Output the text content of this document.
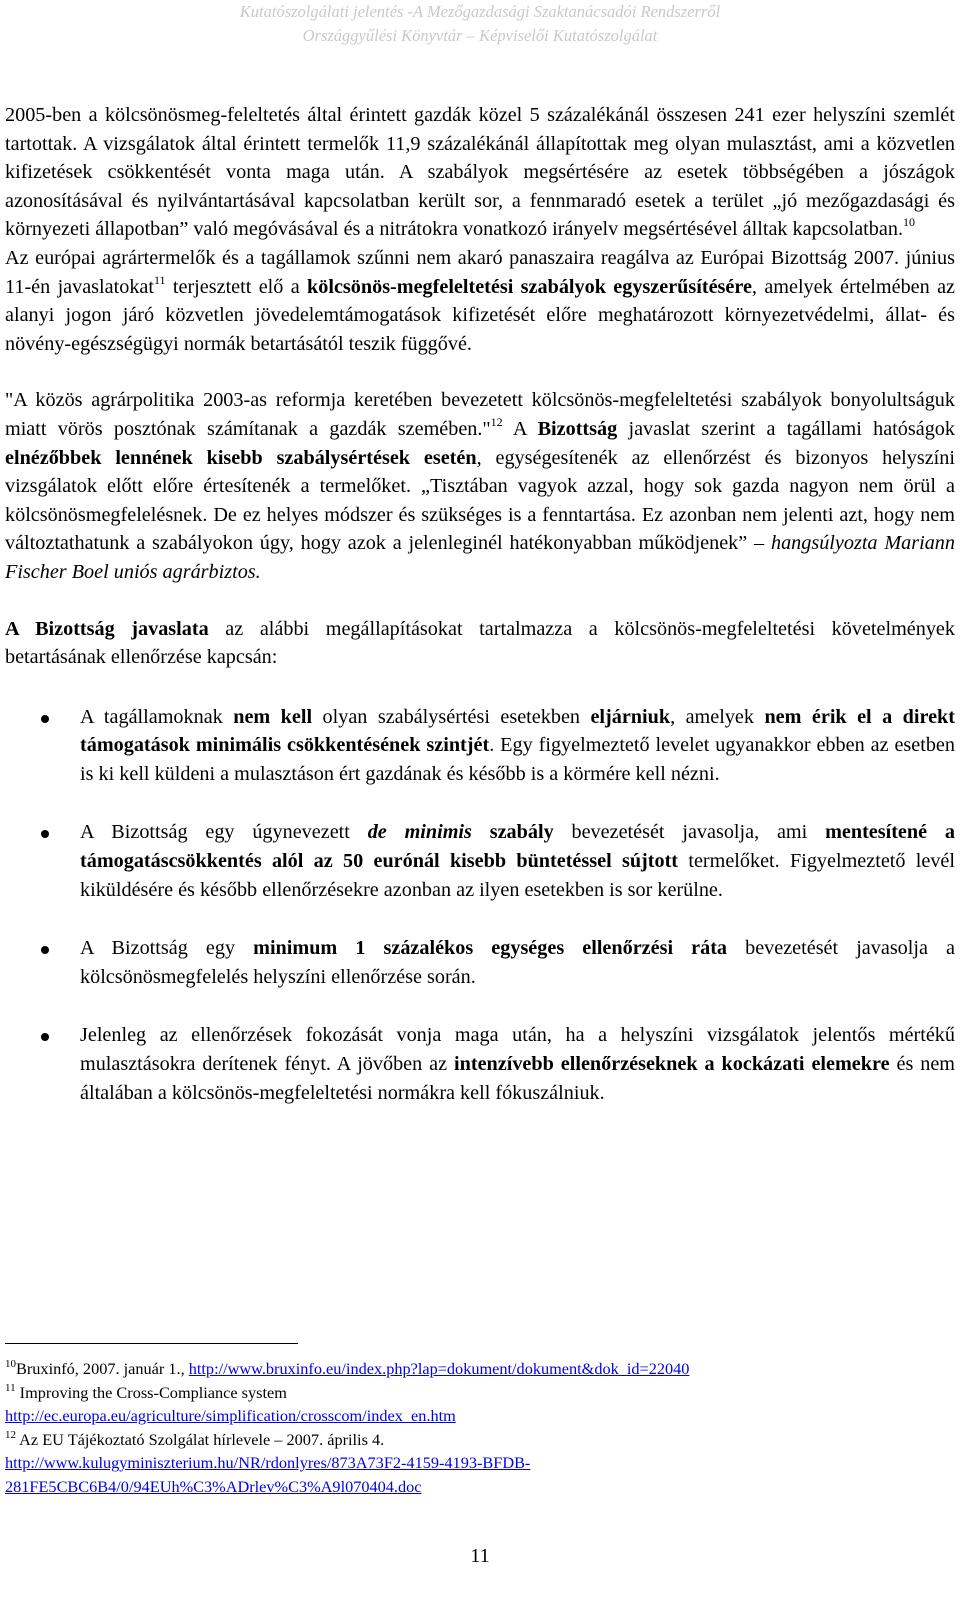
Kutatószolgálati jelentés -A Mezőgazdasági Szaktanácsadói Rendszerről
Országgyűlési Könyvtár – Képviselői Kutatószolgálat

2005-ben a kölcsönösmeg-feleltetés által érintett gazdák közel 5 százalékánál összesen 241 ezer helyszíni szemlét tartottak. A vizsgálatok által érintett termelők 11,9 százalékánál állapítottak meg olyan mulasztást, ami a közvetlen kifizetések csökkentését vonta maga után. A szabályok megsértésére az esetek többségében a jószágok azonosításával és nyilvántartásával kapcsolatban került sor, a fennmaradó esetek a terület „jó mezőgazdasági és környezeti állapotban” való megóvásával és a nitrátokra vonatkozó irányelv megsértésével álltak kapcsolatban.$^{10}$

Az európai agrártermelők és a tagállamok szűnni nem akaró panaszaira reagálva az Európai Bizottság 2007. június 11-én javaslatokat$^{11}$ terjesztett elő a kölcsönös-megfeleltetési szabályok egyszerűsítésére, amelyek értelmében az alanyi jogon járó közvetlen jövedelemtámogatások kifizetését előre meghatározott környezetvédelmi, állat- és növény-egészségügyi normák betartásától teszik függővé.

"A közös agrárpolitika 2003-as reformja keretében bevezetett kölcsönös-megfeleltetési szabályok bonyolultságuk miatt vörös posztónak számítanak a gazdák szemében."$^{12}$ A Bizottság javaslat szerint a tagállami hatóságok elnézőbbek lennének kisebb szabálysértések esetén, egységesítenék az ellenőrzést és bizonyos helyszíni vizsgálatok előtt előre értesítenék a termelőket. „Tisztában vagyok azzal, hogy sok gazda nagyon nem örül a kölcsönösmegfelelésnek. De ez helyes módszer és szükséges is a fenntartása. Ez azonban nem jelenti azt, hogy nem változtathatunk a szabályokon úgy, hogy azok a jelenleginél hatékonyabban működjenek” – hangsúlyozta Mariann Fischer Boel uniós agrárbiztos.

A Bizottság javaslata az alábbi megállapításokat tartalmazza a kölcsönös-megfeleltetési követelmények betartásának ellenőrzése kapcsán:

A tagállamoknak nem kell olyan szabálysértési esetekben eljárniuk, amelyek nem érik el a direkt támogatások minimális csökkentésének szintjét. Egy figyelmeztető levelet ugyanakkor ebben az esetben is ki kell küldeni a mulasztáson ért gazdának és később is a körmére kell nézni.
A Bizottság egy úgynevezett de minimis szabály bevezetését javasolja, ami mentesítené a támogatáscsökkentés alól az 50 eurónál kisebb büntetéssel sújtott termelőket. Figyelmeztető levél kiküldésére és később ellenőrzésekre azonban az ilyen esetekben is sor kerülne.
A Bizottság egy minimum 1 százalékos egységes ellenőrzési ráta bevezetését javasolja a kölcsönösmegfelelés helyszíni ellenőrzése során.
Jelenleg az ellenőrzések fokozását vonja maga után, ha a helyszíni vizsgálatok jelentős mértékű mulasztásokra derítenek fényt. A jövőben az intenzívebb ellenőrzéseknek a kockázati elemekre és nem általában a kölcsönös-megfeleltetési normákra kell fókuszálniuk.
$^{10}$Bruxinfó, 2007. január 1., http://www.bruxinfo.eu/index.php?lap=dokument/dokument&dok_id=22040
$^{11}$ Improving the Cross-Compliance system
http://ec.europa.eu/agriculture/simplification/crosscom/index_en.htm
$^{12}$ Az EU Tájékoztató Szolgálat hírlevele – 2007. április 4.
http://www.kulugyminiszterium.hu/NR/rdonlyres/873A73F2-4159-4193-BFDB-
281FE5CBC6B4/0/94EUh%C3%ADrlev%C3%A9l070404.doc
11
